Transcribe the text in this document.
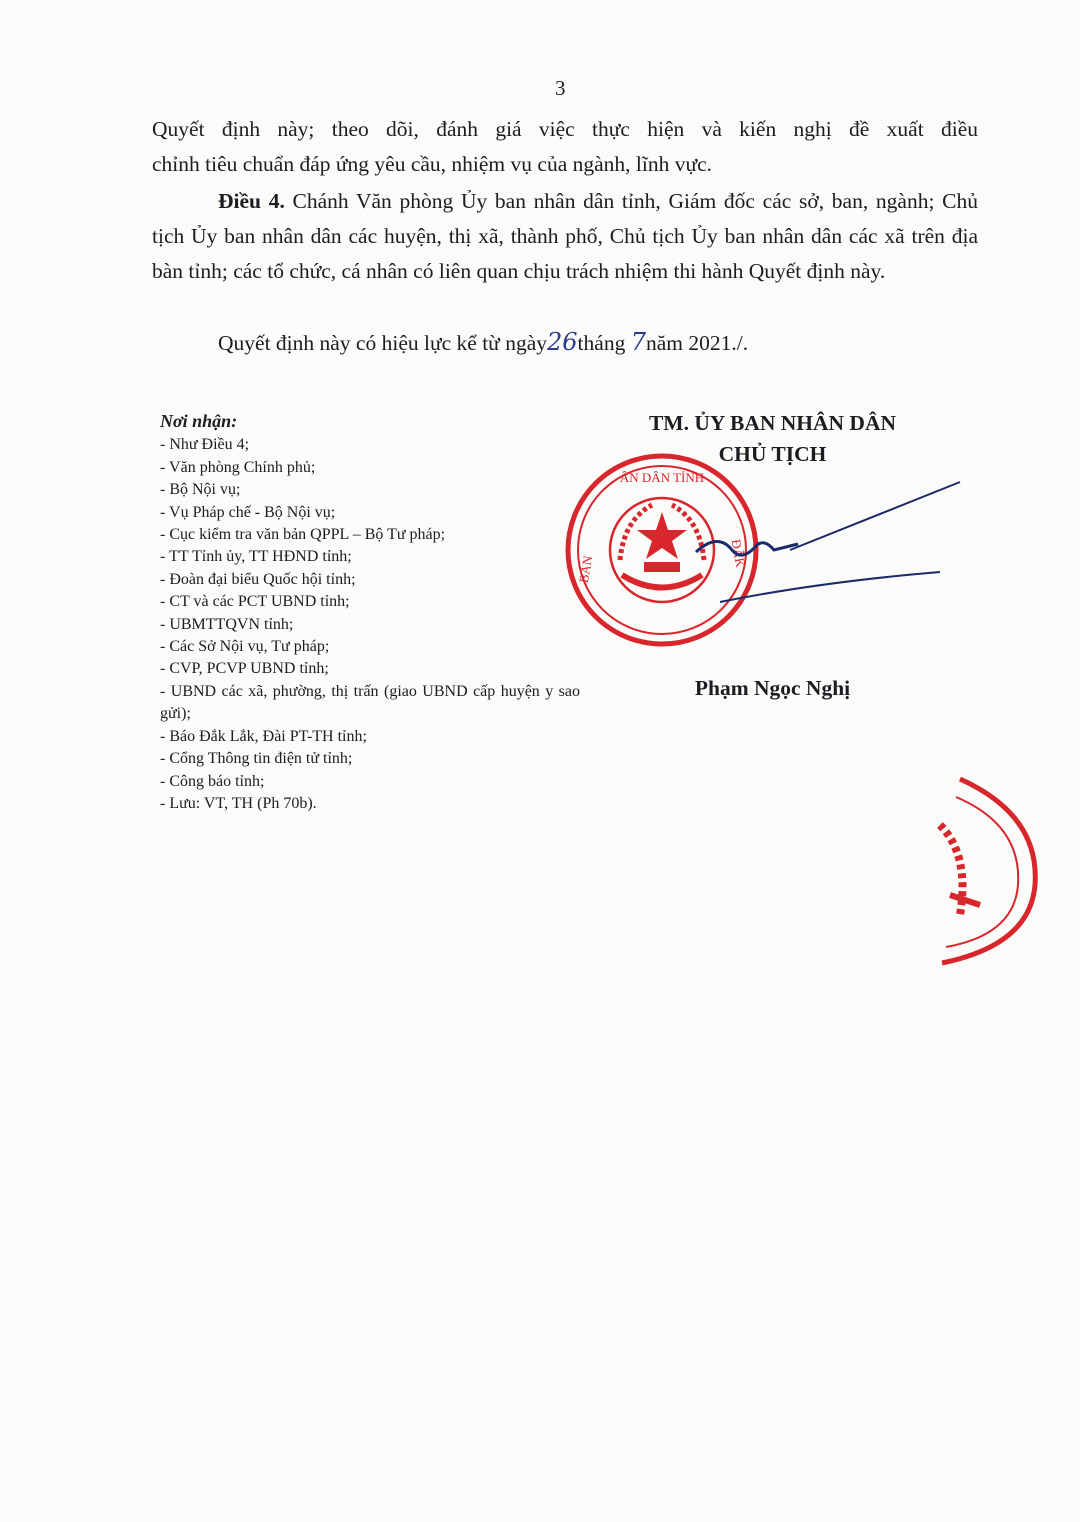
3

Quyết định này; theo dõi, đánh giá việc thực hiện và kiến nghị đề xuất điều

chỉnh tiêu chuẩn đáp ứng yêu cầu, nhiệm vụ của ngành, lĩnh vực.

Điều 4. Chánh Văn phòng Ủy ban nhân dân tỉnh, Giám đốc các sở, ban, ngành; Chủ tịch Ủy ban nhân dân các huyện, thị xã, thành phố, Chủ tịch Ủy ban nhân dân các xã trên địa bàn tỉnh; các tổ chức, cá nhân có liên quan chịu trách nhiệm thi hành Quyết định này.

Quyết định này có hiệu lực kể từ ngày26tháng 7năm 2021./.

Nơi nhận:

- Như Điều 4;
- Văn phòng Chính phủ;
- Bộ Nội vụ;
- Vụ Pháp chế - Bộ Nội vụ;
- Cục kiểm tra văn bản QPPL – Bộ Tư pháp;
- TT Tỉnh ủy, TT HĐND tỉnh;
- Đoàn đại biểu Quốc hội tỉnh;
- CT và các PCT UBND tỉnh;
- UBMTTQVN tỉnh;
- Các Sở Nội vụ, Tư pháp;
- CVP, PCVP UBND tỉnh;
- UBND các xã, phường, thị trấn (giao UBND cấp huyện y sao gửi);
- Báo Đắk Lắk, Đài PT-TH tỉnh;
- Cổng Thông tin điện tử tỉnh;
- Công báo tỉnh;
- Lưu: VT, TH (Ph 70b).
TM. ỦY BAN NHÂN DÂN
CHỦ TỊCH
ÂN DÂN TỈNH
ĐẮK
BAN
Phạm Ngọc Nghị
